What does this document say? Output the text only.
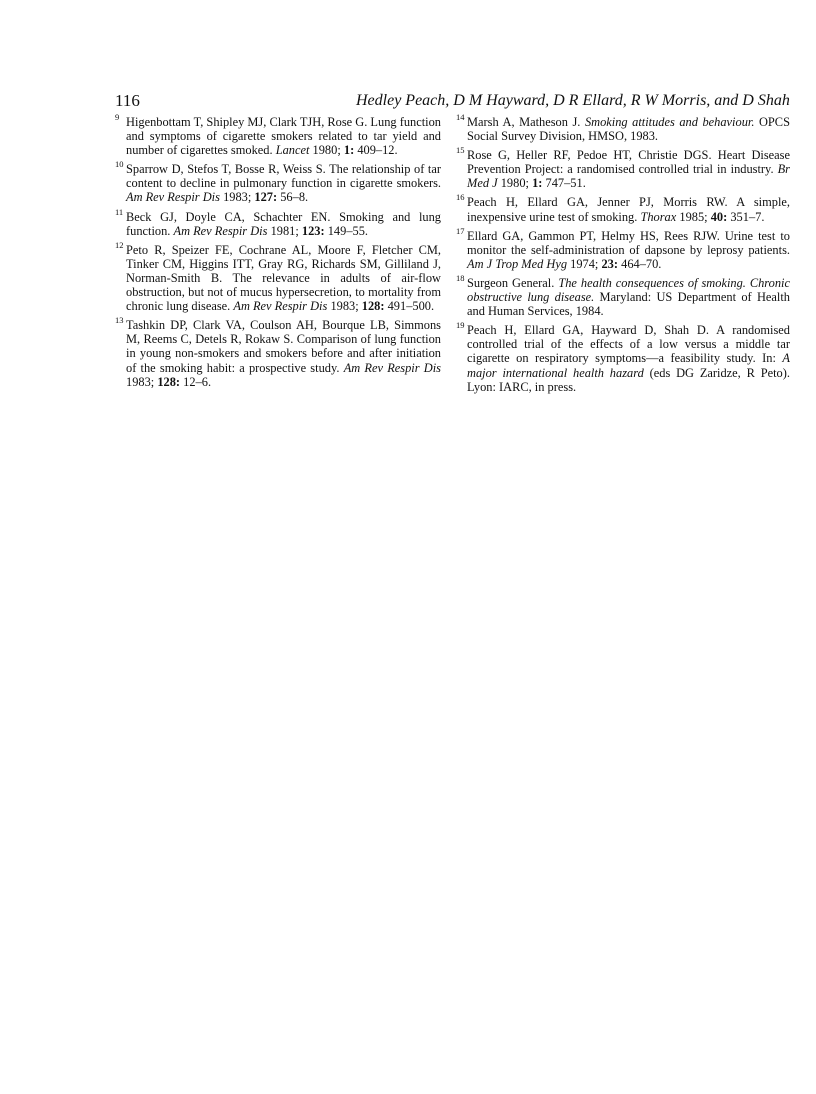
116	Hedley Peach, D M Hayward, D R Ellard, R W Morris, and D Shah
9 Higenbottam T, Shipley MJ, Clark TJH, Rose G. Lung function and symptoms of cigarette smokers related to tar yield and number of cigarettes smoked. Lancet 1980; 1: 409–12.
10 Sparrow D, Stefos T, Bosse R, Weiss S. The relationship of tar content to decline in pulmonary function in cigarette smokers. Am Rev Respir Dis 1983; 127: 56–8.
11 Beck GJ, Doyle CA, Schachter EN. Smoking and lung function. Am Rev Respir Dis 1981; 123: 149–55.
12 Peto R, Speizer FE, Cochrane AL, Moore F, Fletcher CM, Tinker CM, Higgins ITT, Gray RG, Richards SM, Gilliland J, Norman-Smith B. The relevance in adults of air-flow obstruction, but not of mucus hypersecretion, to mortality from chronic lung disease. Am Rev Respir Dis 1983; 128: 491–500.
13 Tashkin DP, Clark VA, Coulson AH, Bourque LB, Simmons M, Reems C, Detels R, Rokaw S. Comparison of lung function in young non-smokers and smokers before and after initiation of the smoking habit: a prospective study. Am Rev Respir Dis 1983; 128: 12–6.
14 Marsh A, Matheson J. Smoking attitudes and behaviour. OPCS Social Survey Division, HMSO, 1983.
15 Rose G, Heller RF, Pedoe HT, Christie DGS. Heart Disease Prevention Project: a randomised controlled trial in industry. Br Med J 1980; 1: 747–51.
16 Peach H, Ellard GA, Jenner PJ, Morris RW. A simple, inexpensive urine test of smoking. Thorax 1985; 40: 351–7.
17 Ellard GA, Gammon PT, Helmy HS, Rees RJW. Urine test to monitor the self-administration of dapsone by leprosy patients. Am J Trop Med Hyg 1974; 23: 464–70.
18 Surgeon General. The health consequences of smoking. Chronic obstructive lung disease. Maryland: US Department of Health and Human Services, 1984.
19 Peach H, Ellard GA, Hayward D, Shah D. A randomised controlled trial of the effects of a low versus a middle tar cigarette on respiratory symptoms—a feasibility study. In: A major international health hazard (eds DG Zaridze, R Peto). Lyon: IARC, in press.
